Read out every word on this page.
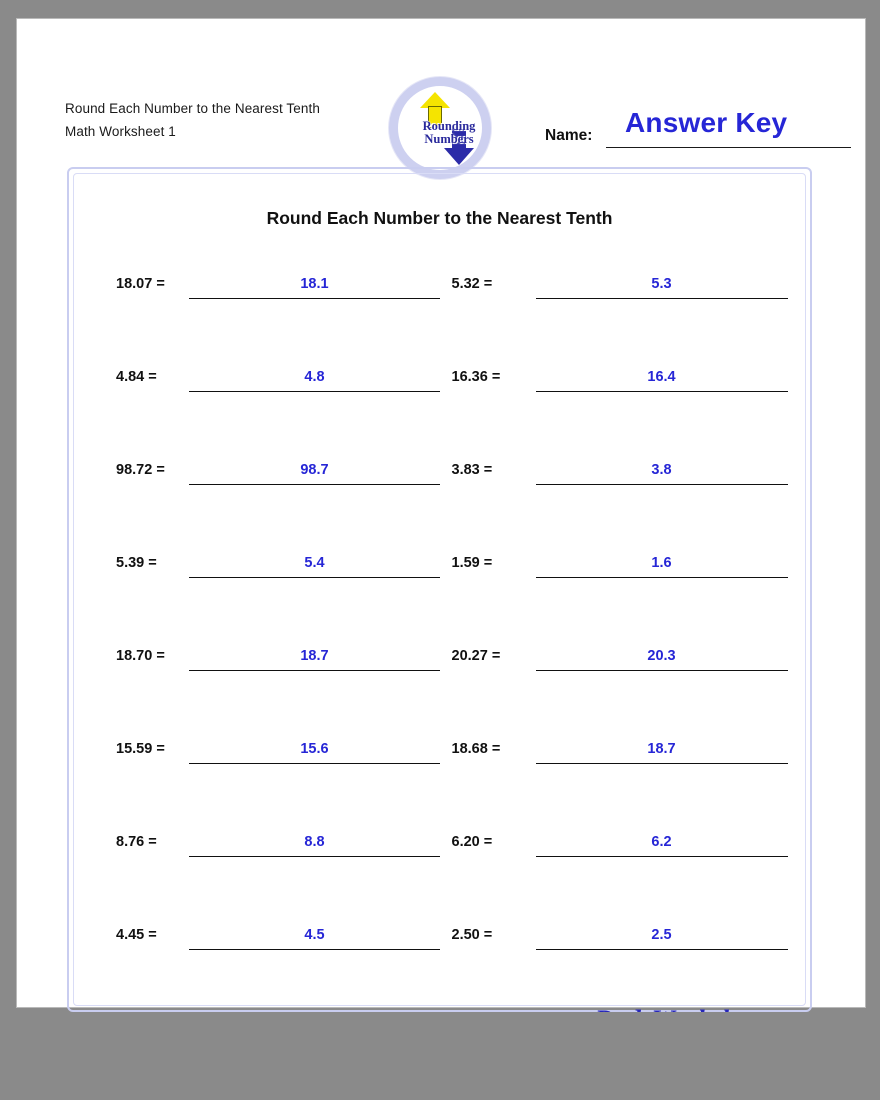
Round Each Number to the Nearest Tenth
Math Worksheet 1	Rounding
Numbers	Name: Answer Key
Round Each Number to the Nearest Tenth
18.07 =	18.1	5.32 =	5.3
4.84 =	4.8	16.36 =	16.4
98.72 =	98.7	3.83 =	3.8
5.39 =	5.4	1.59 =	1.6
18.70 =	18.7	20.27 =	20.3
15.59 =	15.6	18.68 =	18.7
8.76 =	8.8	6.20 =	6.2
4.45 =	4.5	2.50 =	2.5
